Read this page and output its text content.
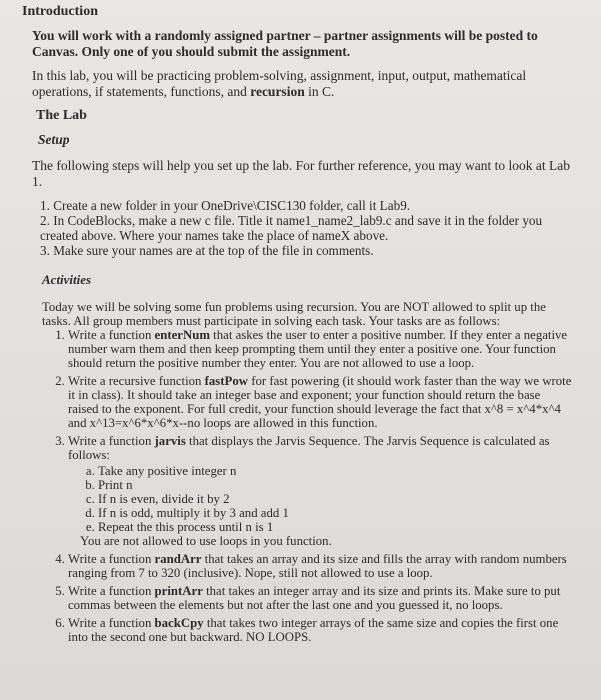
Introduction

You will work with a randomly assigned partner – partner assignments will be posted to Canvas. Only one of you should submit the assignment.

In this lab, you will be practicing problem-solving, assignment, input, output, mathematical operations, if statements, functions, and recursion in C.

The Lab
Setup

The following steps will help you set up the lab. For further reference, you may want to look at Lab 1.

1. Create a new folder in your OneDrive\CISC130 folder, call it Lab9.
2. In CodeBlocks, make a new c file. Title it name1_name2_lab9.c and save it in the folder you created above. Where your names take the place of nameX above.
3. Make sure your names are at the top of the file in comments.
Activities

Today we will be solving some fun problems using recursion. You are NOT allowed to split up the tasks. All group members must participate in solving each task. Your tasks are as follows:

1. Write a function enterNum that askes the user to enter a positive number. If they enter a negative number warn them and then keep prompting them until they enter a positive one. Your function should return the positive number they enter. You are not allowed to use a loop.
2. Write a recursive function fastPow for fast powering (it should work faster than the way we wrote it in class). It should take an integer base and exponent; your function should return the base raised to the exponent. For full credit, your function should leverage the fact that x^8 = x^4*x^4 and x^13=x^6*x^6*x--no loops are allowed in this function.
3. Write a function jarvis that displays the Jarvis Sequence. The Jarvis Sequence is calculated as follows:
a. Take any positive integer n
b. Print n
c. If n is even, divide it by 2
d. If n is odd, multiply it by 3 and add 1
e. Repeat the this process until n is 1
You are not allowed to use loops in you function.
4. Write a function randArr that takes an array and its size and fills the array with random numbers ranging from 7 to 320 (inclusive). Nope, still not allowed to use a loop.
5. Write a function printArr that takes an integer array and its size and prints its. Make sure to put commas between the elements but not after the last one and you guessed it, no loops.
6. Write a function backCpy that takes two integer arrays of the same size and copies the first one into the second one but backward. NO LOOPS.
